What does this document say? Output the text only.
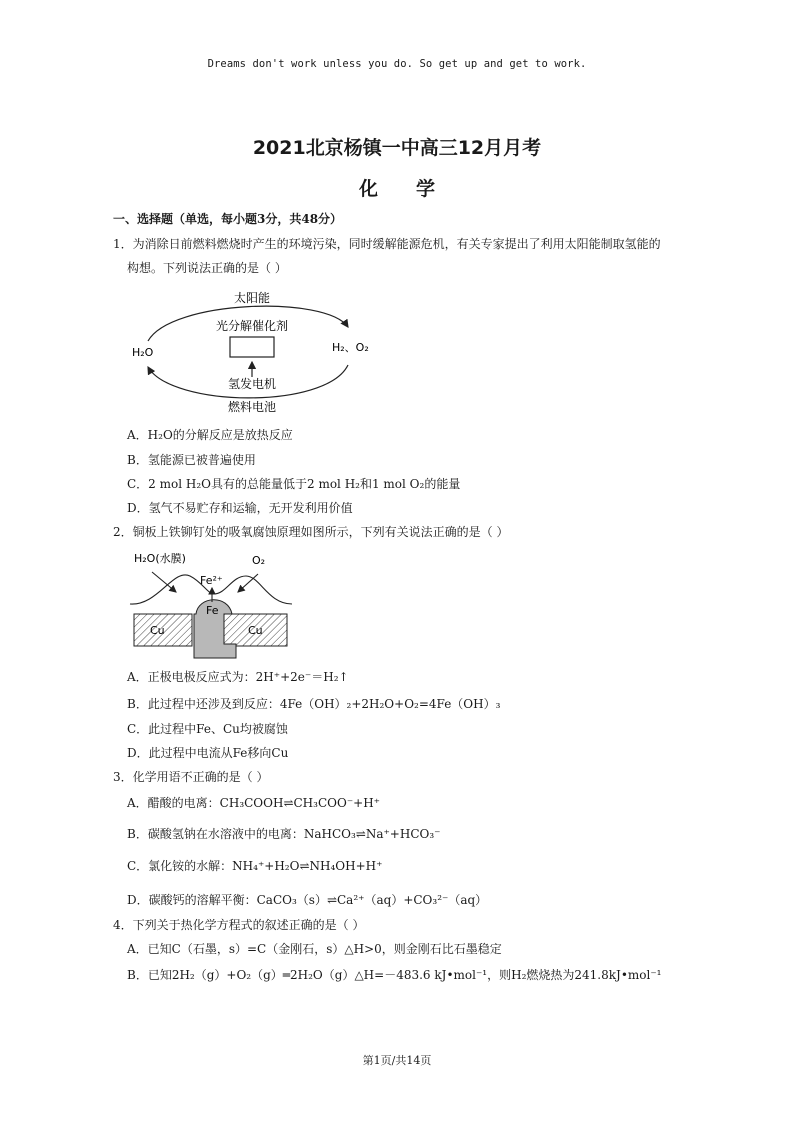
Dreams don't work unless you do. So get up and get to work.
2021北京杨镇一中高三12月月考
化学
一、选择题（单选，每小题3分，共48分）
1．为消除日前燃料燃烧时产生的环境污染，同时缓解能源危机，有关专家提出了利用太阳能制取氢能的
构想。下列说法正确的是（ ）
太阳能
光分解催化剂
H₂O	H₂、O₂
氢发电机
燃料电池
A．H₂O的分解反应是放热反应
B．氢能源已被普遍使用
C．2 mol H₂O具有的总能量低于2 mol H₂和1 mol O₂的能量
D．氢气不易贮存和运输，无开发利用价值
2．铜板上铁铆钉处的吸氧腐蚀原理如图所示，下列有关说法正确的是（ ）
H₂O(水膜)	O₂
Fe²⁺
Fe
Cu	Cu
A．正极电极反应式为：2H⁺+2e⁻＝H₂↑
B．此过程中还涉及到反应：4Fe（OH）₂+2H₂O+O₂=4Fe（OH）₃
C．此过程中Fe、Cu均被腐蚀
D．此过程中电流从Fe移向Cu
3．化学用语不正确的是（ ）
A．醋酸的电离：CH₃COOH⇌CH₃COO⁻+H⁺
B．碳酸氢钠在水溶液中的电离：NaHCO₃⇌Na⁺+HCO₃⁻
C．氯化铵的水解：NH₄⁺+H₂O⇌NH₄OH+H⁺
D．碳酸钙的溶解平衡：CaCO₃（s）⇌Ca²⁺（aq）+CO₃²⁻（aq）
4．下列关于热化学方程式的叙述正确的是（ ）
A．已知C（石墨，s）=C（金刚石，s）△H>0，则金刚石比石墨稳定
B．已知2H₂（g）+O₂（g）═2H₂O（g）△H=－483.6 kJ•mol⁻¹，则H₂燃烧热为241.8kJ•mol⁻¹
第1页/共14页
